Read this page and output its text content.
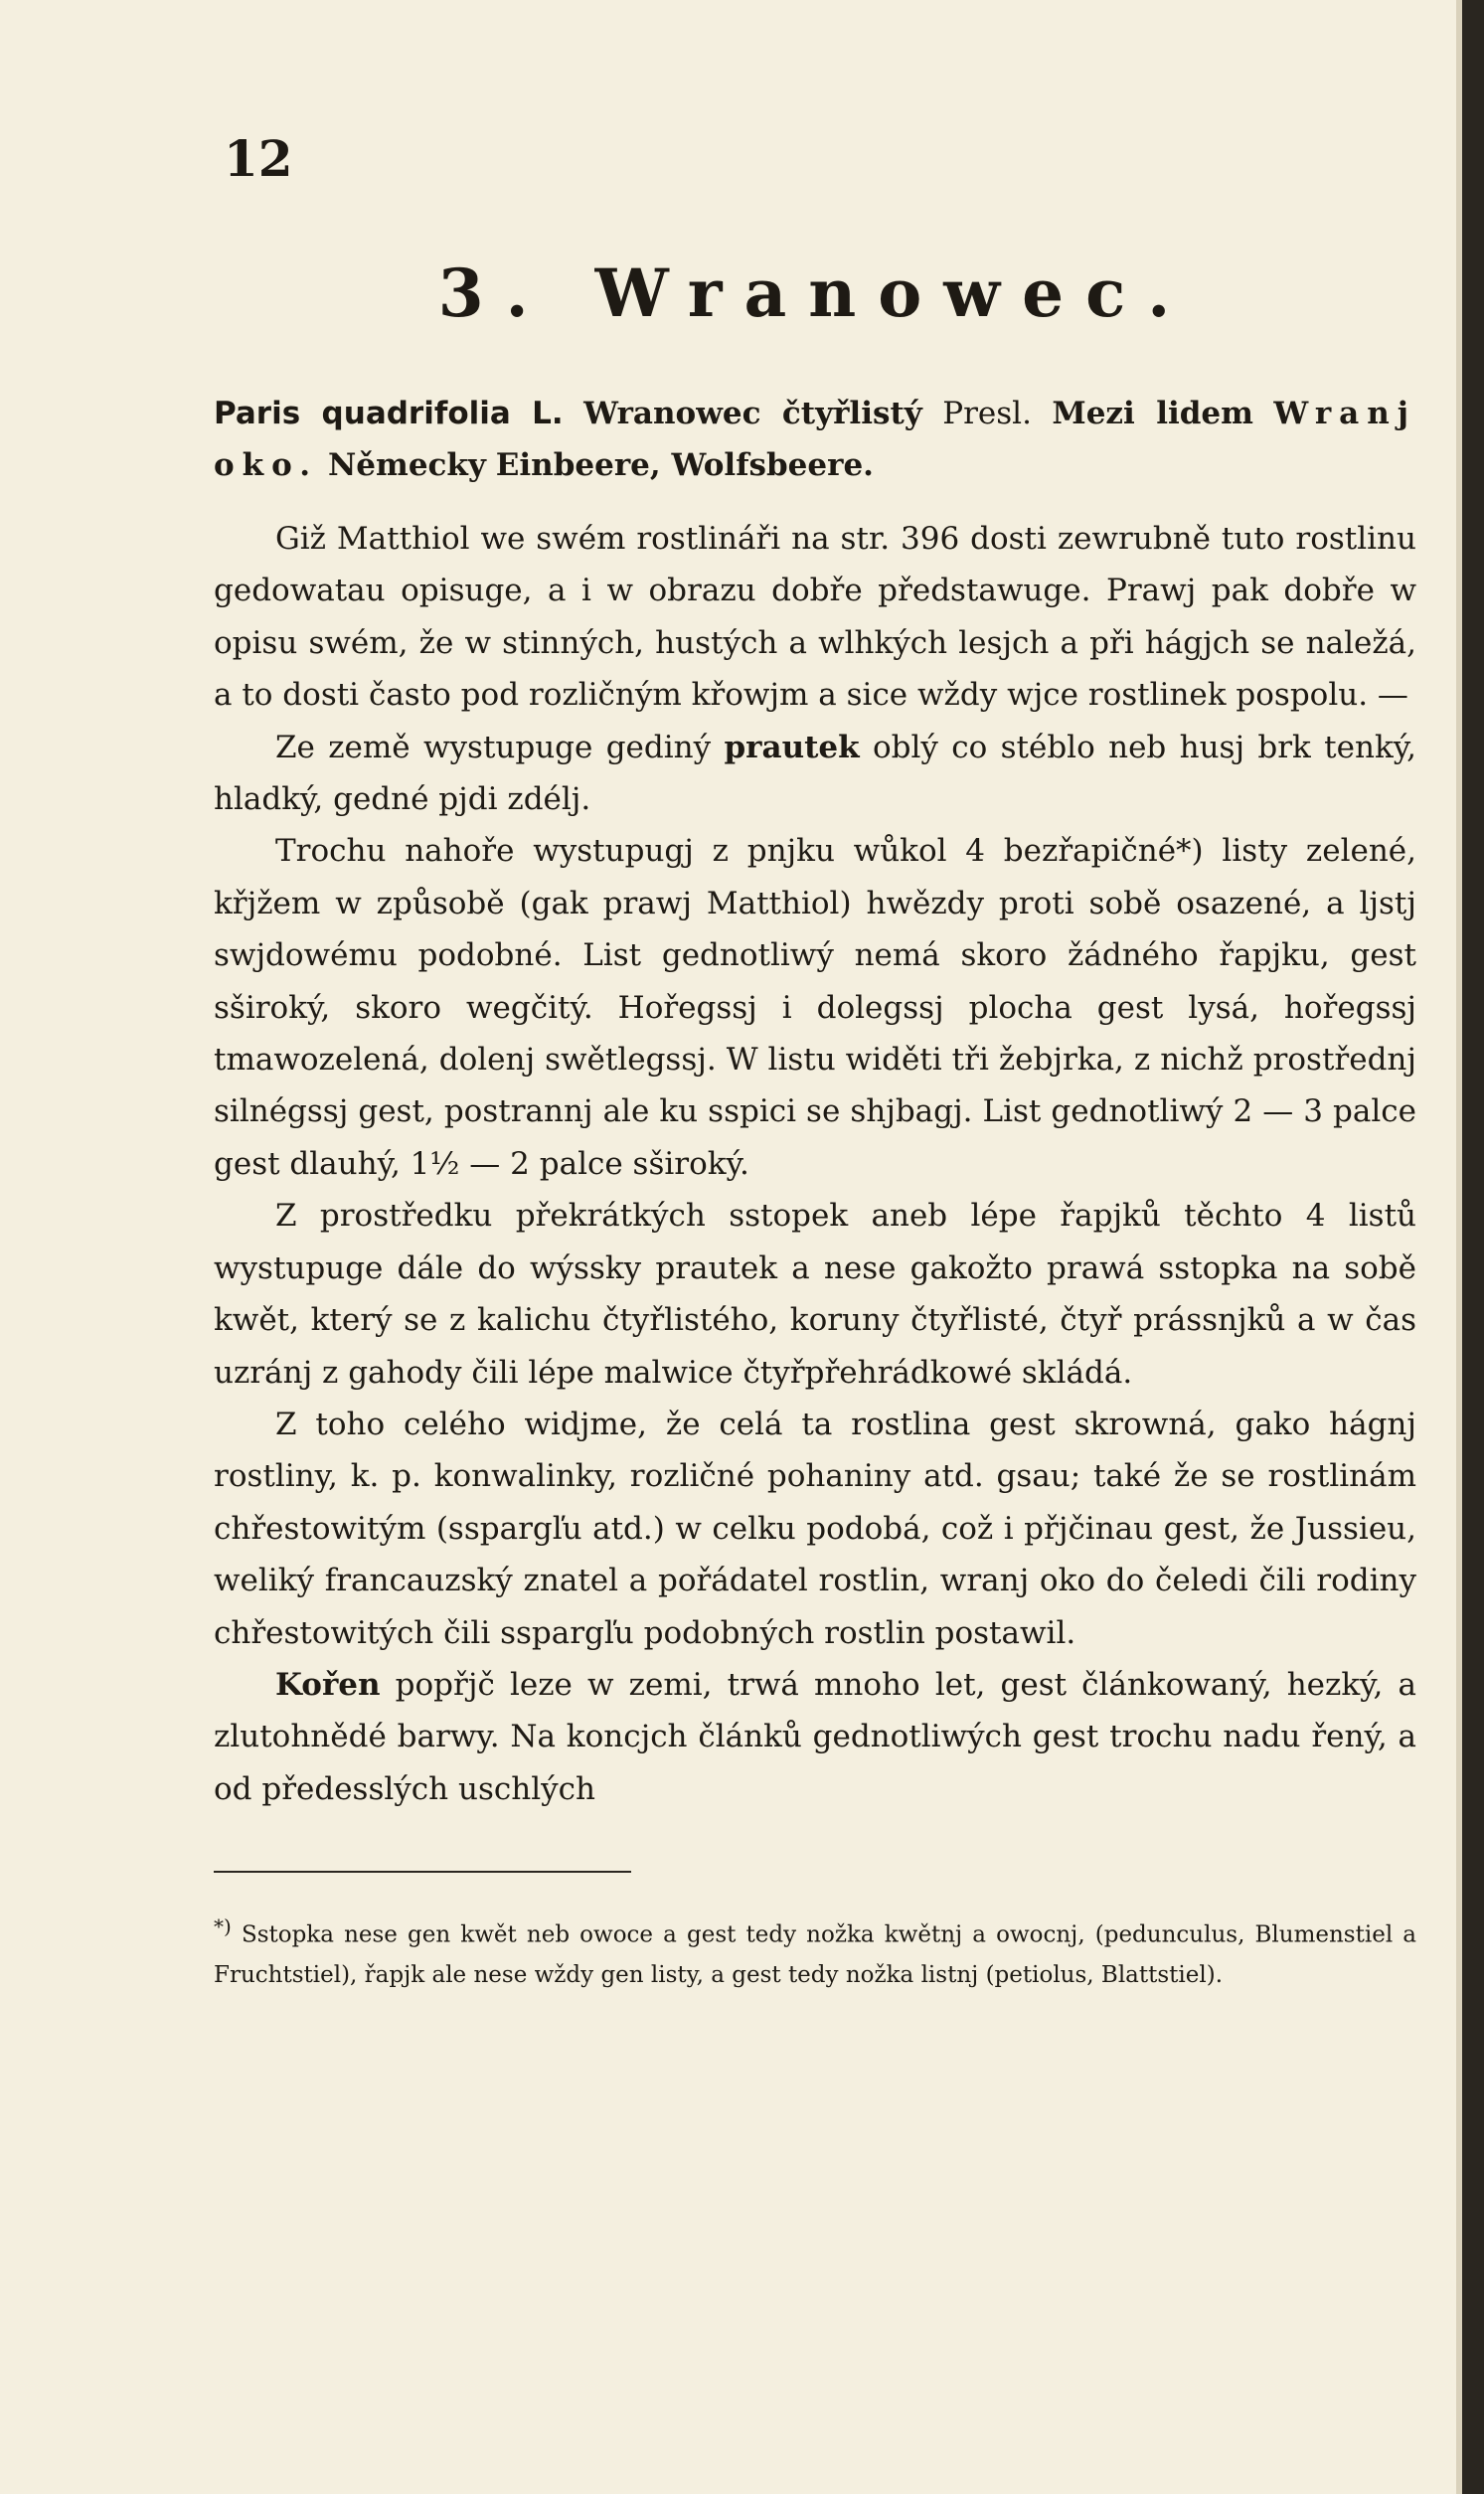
12
3. Wranowec.
Paris quadrifolia L. Wranowec čtyřlistý Presl. Mezi lidem Wranj oko. Německy Einbeere, Wolfsbeere.

Giž Matthiol we swém rostlináři na str. 396 dosti zewrubně tuto rostlinu gedowatau opisuge, a i w obrazu dobře předstawuge. Prawj pak dobře w opisu swém, že w stinných, hustých a wlhkých lesjch a při hágjch se naležá, a to dosti často pod rozličným křowjm a sice wždy wjce rostlinek pospolu. —

Ze země wystupuge gediný prautek oblý co stéblo neb husj brk tenký, hladký, gedné pjdi zdélj.

Trochu nahoře wystupugj z pnjku wůkol 4 bezřapičné*) listy zelené, křjžem w způsobě (gak prawj Matthiol) hwězdy proti sobě osazené, a ljstj swjdowému podobné. List gednotliwý nemá skoro žádného řapjku, gest sširoký, skoro wegčitý. Hořegssj i dolegssj plocha gest lysá, hořegssj tmawozelená, dolenj swětlegssj. W listu widěti tři žebjrka, z nichž prostřednj silnégssj gest, postrannj ale ku sspici se shjbagj. List gednotliwý 2 — 3 palce gest dlauhý, 1½ — 2 palce sširoký.

Z prostředku překrátkých sstopek aneb lépe řapjků těchto 4 listů wystupuge dále do wýssky prautek a nese gakožto prawá sstopka na sobě kwět, který se z kalichu čtyřlistého, koruny čtyřlisté, čtyř prássnjků a w čas uzránj z gahody čili lépe malwice čtyřpřehrádkowé skládá.

Z toho celého widjme, že celá ta rostlina gest skrowná, gako hágnj rostliny, k. p. konwalinky, rozličné pohaniny atd. gsau; také že se rostlinám chřestowitým (sspargľu atd.) w celku podobá, což i přjčinau gest, že Jussieu, weliký francauzský znatel a pořádatel rostlin, wranj oko do čeledi čili rodiny chřestowitých čili sspargľu podobných rostlin postawil.

Kořen popřjč leze w zemi, trwá mnoho let, gest článkowaný, hezký, a zlutohnědé barwy. Na koncjch článků gednotliwých gest trochu nadu řený, a od předesslých uschlých

*) Sstopka nese gen kwět neb owoce a gest tedy nožka kwětnj a owocnj, (pedunculus, Blumenstiel a Fruchtstiel), řapjk ale nese wždy gen listy, a gest tedy nožka listnj (petiolus, Blattstiel).
